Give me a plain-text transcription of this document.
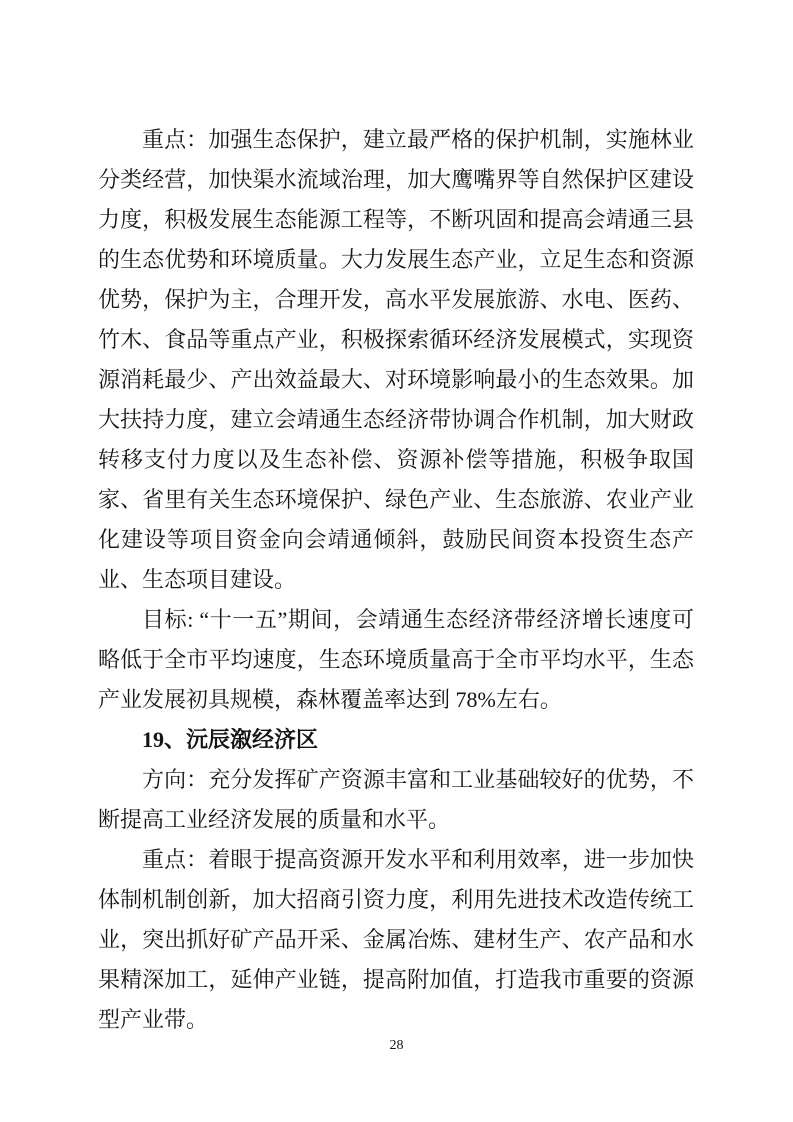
重点：加强生态保护，建立最严格的保护机制，实施林业分类经营，加快渠水流域治理，加大鹰嘴界等自然保护区建设力度，积极发展生态能源工程等，不断巩固和提高会靖通三县的生态优势和环境质量。大力发展生态产业，立足生态和资源优势，保护为主，合理开发，高水平发展旅游、水电、医药、竹木、食品等重点产业，积极探索循环经济发展模式，实现资源消耗最少、产出效益最大、对环境影响最小的生态效果。加大扶持力度，建立会靖通生态经济带协调合作机制，加大财政转移支付力度以及生态补偿、资源补偿等措施，积极争取国家、省里有关生态环境保护、绿色产业、生态旅游、农业产业化建设等项目资金向会靖通倾斜，鼓励民间资本投资生态产业、生态项目建设。

目标: “十一五”期间，会靖通生态经济带经济增长速度可略低于全市平均速度，生态环境质量高于全市平均水平，生态产业发展初具规模，森林覆盖率达到 78%左右。

19、沅辰溆经济区

方向：充分发挥矿产资源丰富和工业基础较好的优势，不断提高工业经济发展的质量和水平。

重点：着眼于提高资源开发水平和利用效率，进一步加快体制机制创新，加大招商引资力度，利用先进技术改造传统工业，突出抓好矿产品开采、金属冶炼、建材生产、农产品和水果精深加工，延伸产业链，提高附加值，打造我市重要的资源型产业带。

28
